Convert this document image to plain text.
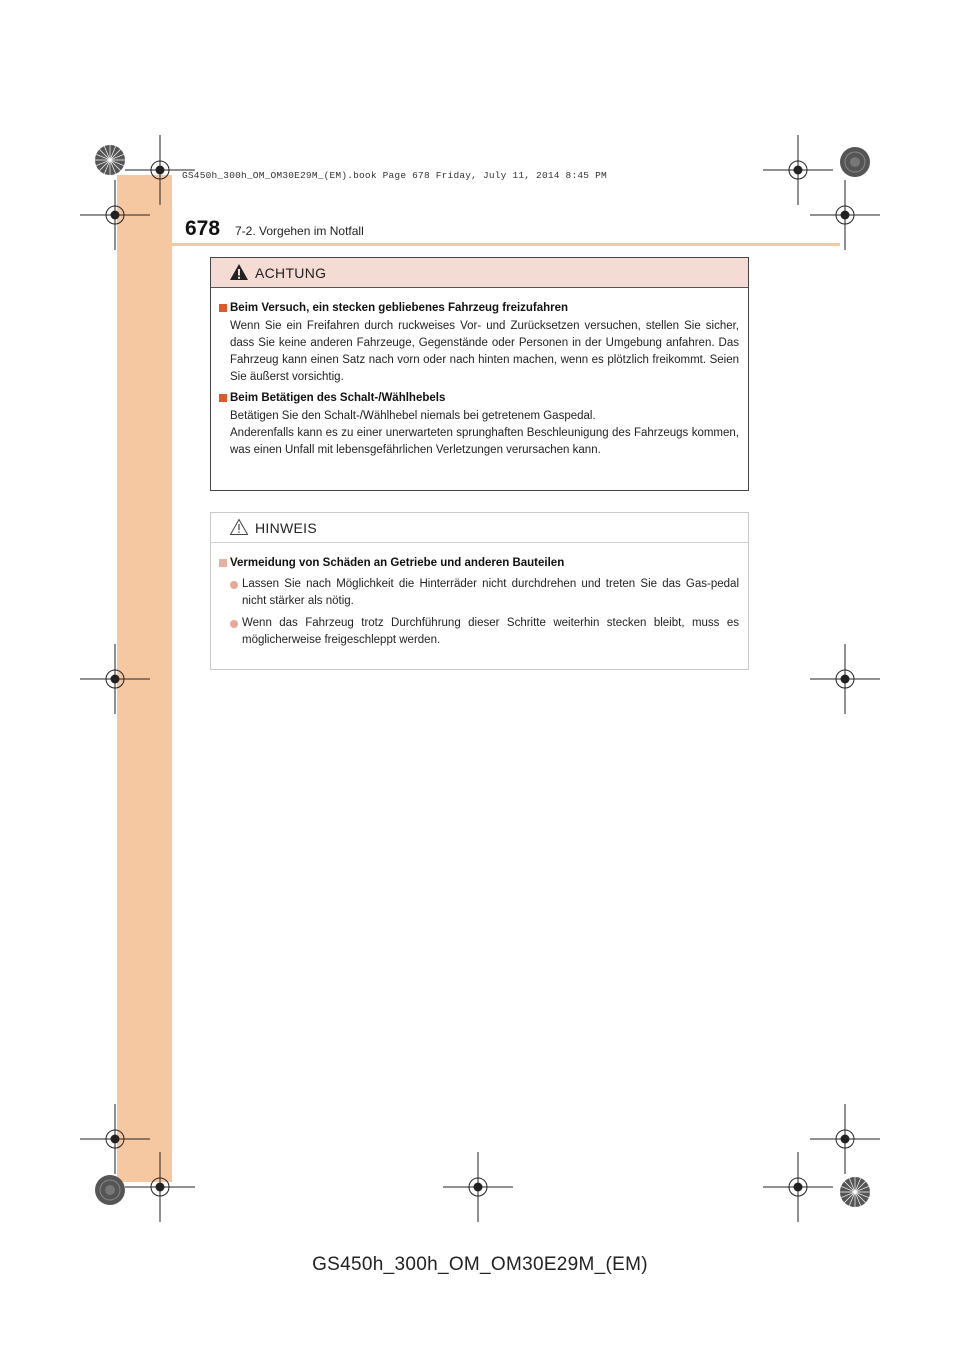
GS450h_300h_OM_OM30E29M_(EM).book Page 678 Friday, July 11, 2014 8:45 PM
678 7-2. Vorgehen im Notfall
ACHTUNG
Beim Versuch, ein stecken gebliebenes Fahrzeug freizufahren
Wenn Sie ein Freifahren durch ruckweises Vor- und Zurücksetzen versuchen, stellen Sie sicher, dass Sie keine anderen Fahrzeuge, Gegenstände oder Personen in der Umgebung anfahren. Das Fahrzeug kann einen Satz nach vorn oder nach hinten machen, wenn es plötzlich freikommt. Seien Sie äußerst vorsichtig.
Beim Betätigen des Schalt-/Wählhebels
Betätigen Sie den Schalt-/Wählhebel niemals bei getretenem Gaspedal.
Anderenfalls kann es zu einer unerwarteten sprunghaften Beschleunigung des Fahrzeugs kommen, was einen Unfall mit lebensgefährlichen Verletzungen verursachen kann.
HINWEIS
Vermeidung von Schäden an Getriebe und anderen Bauteilen
Lassen Sie nach Möglichkeit die Hinterräder nicht durchdrehen und treten Sie das Gas-pedal nicht stärker als nötig.
Wenn das Fahrzeug trotz Durchführung dieser Schritte weiterhin stecken bleibt, muss es möglicherweise freigeschleppt werden.
GS450h_300h_OM_OM30E29M_(EM)
